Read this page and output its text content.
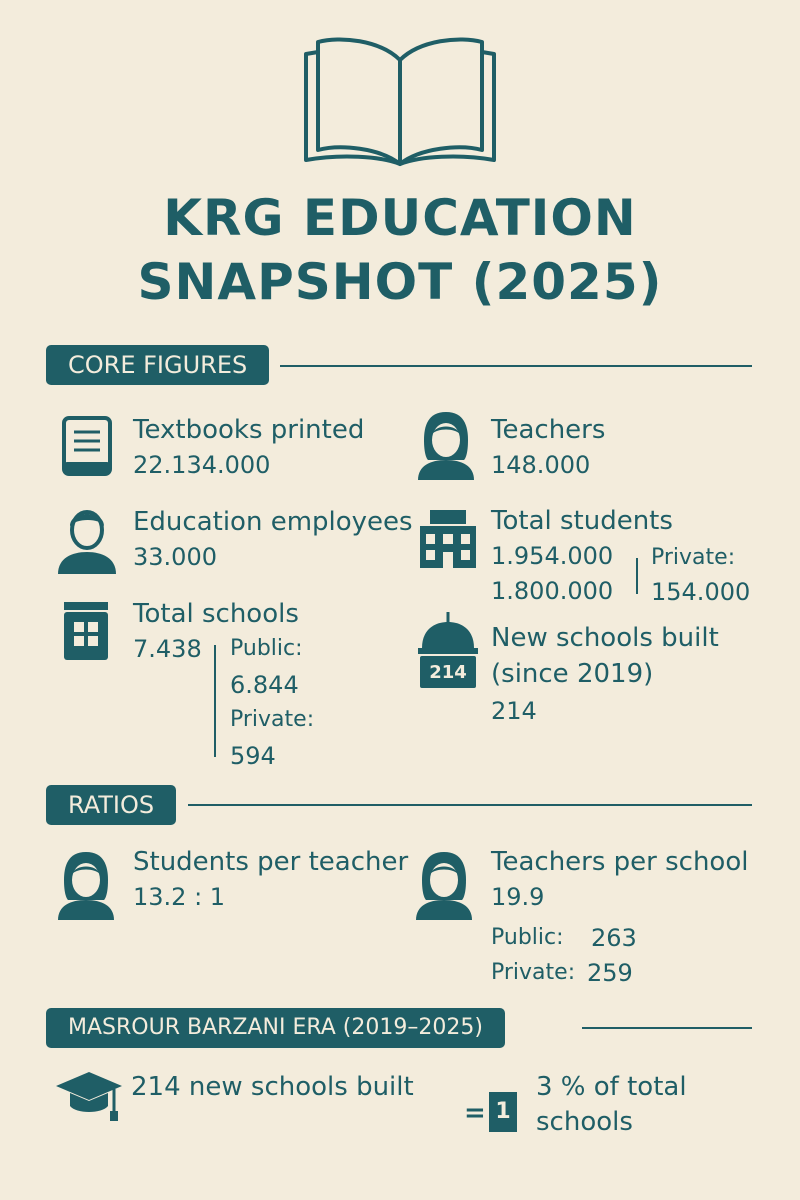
KRG EDUCATION
SNAPSHOT (2025)
CORE FIGURES
Textbooks printed
22.134.000
Teachers
148.000
Education employees
33.000
Total students
1.954.000
1.800.000
Private:
154.000
Total schools
7.438 Public:
6.844
Private:
594
214
New schools built
(since 2019)
214
RATIOS
Students per teacher
13.2 : 1
Teachers per school
19.9
Public: 263
Private: 259
MASROUR BARZANI ERA (2019–2025)
214 new schools built
= 1
3 % of total
schools
